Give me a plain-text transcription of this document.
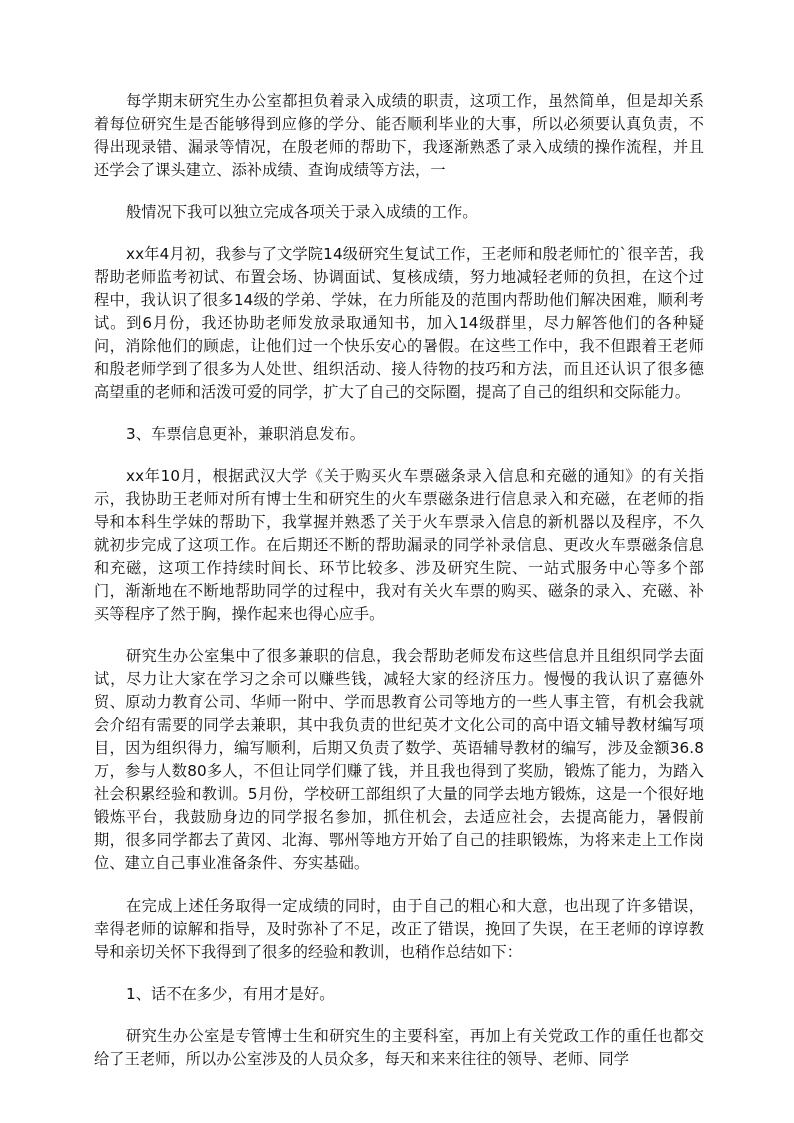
每学期末研究生办公室都担负着录入成绩的职责，这项工作，虽然简单，但是却关系着每位研究生是否能够得到应修的学分、能否顺利毕业的大事，所以必须要认真负责，不得出现录错、漏录等情况，在殷老师的帮助下，我逐渐熟悉了录入成绩的操作流程，并且还学会了课头建立、添补成绩、查询成绩等方法，一

般情况下我可以独立完成各项关于录入成绩的工作。

xx年4月初，我参与了文学院14级研究生复试工作，王老师和殷老师忙的`很辛苦，我帮助老师监考初试、布置会场、协调面试、复核成绩，努力地减轻老师的负担，在这个过程中，我认识了很多14级的学弟、学妹，在力所能及的范围内帮助他们解决困难，顺利考试。到6月份，我还协助老师发放录取通知书，加入14级群里，尽力解答他们的各种疑问，消除他们的顾虑，让他们过一个快乐安心的暑假。在这些工作中，我不但跟着王老师和殷老师学到了很多为人处世、组织活动、接人待物的技巧和方法，而且还认识了很多德高望重的老师和活泼可爱的同学，扩大了自己的交际圈，提高了自己的组织和交际能力。

3、车票信息更补，兼职消息发布。

xx年10月，根据武汉大学《关于购买火车票磁条录入信息和充磁的通知》的有关指示，我协助王老师对所有博士生和研究生的火车票磁条进行信息录入和充磁，在老师的指导和本科生学妹的帮助下，我掌握并熟悉了关于火车票录入信息的新机器以及程序，不久就初步完成了这项工作。在后期还不断的帮助漏录的同学补录信息、更改火车票磁条信息和充磁，这项工作持续时间长、环节比较多、涉及研究生院、一站式服务中心等多个部门，渐渐地在不断地帮助同学的过程中，我对有关火车票的购买、磁条的录入、充磁、补买等程序了然于胸，操作起来也得心应手。

研究生办公室集中了很多兼职的信息，我会帮助老师发布这些信息并且组织同学去面试，尽力让大家在学习之余可以赚些钱，减轻大家的经济压力。慢慢的我认识了嘉德外贸、原动力教育公司、华师一附中、学而思教育公司等地方的一些人事主管，有机会我就会介绍有需要的同学去兼职，其中我负责的世纪英才文化公司的高中语文辅导教材编写项目，因为组织得力，编写顺利，后期又负责了数学、英语辅导教材的编写，涉及金额36.8万，参与人数80多人，不但让同学们赚了钱，并且我也得到了奖励，锻炼了能力，为踏入社会积累经验和教训。5月份，学校研工部组织了大量的同学去地方锻炼，这是一个很好地锻炼平台，我鼓励身边的同学报名参加，抓住机会，去适应社会，去提高能力，暑假前期，很多同学都去了黄冈、北海、鄂州等地方开始了自己的挂职锻炼，为将来走上工作岗位、建立自己事业准备条件、夯实基础。

在完成上述任务取得一定成绩的同时，由于自己的粗心和大意，也出现了许多错误，幸得老师的谅解和指导，及时弥补了不足，改正了错误，挽回了失误，在王老师的谆谆教导和亲切关怀下我得到了很多的经验和教训，也稍作总结如下：

1、话不在多少，有用才是好。

研究生办公室是专管博士生和研究生的主要科室，再加上有关党政工作的重任也都交给了王老师，所以办公室涉及的人员众多，每天和来来往往的领导、老师、同学
